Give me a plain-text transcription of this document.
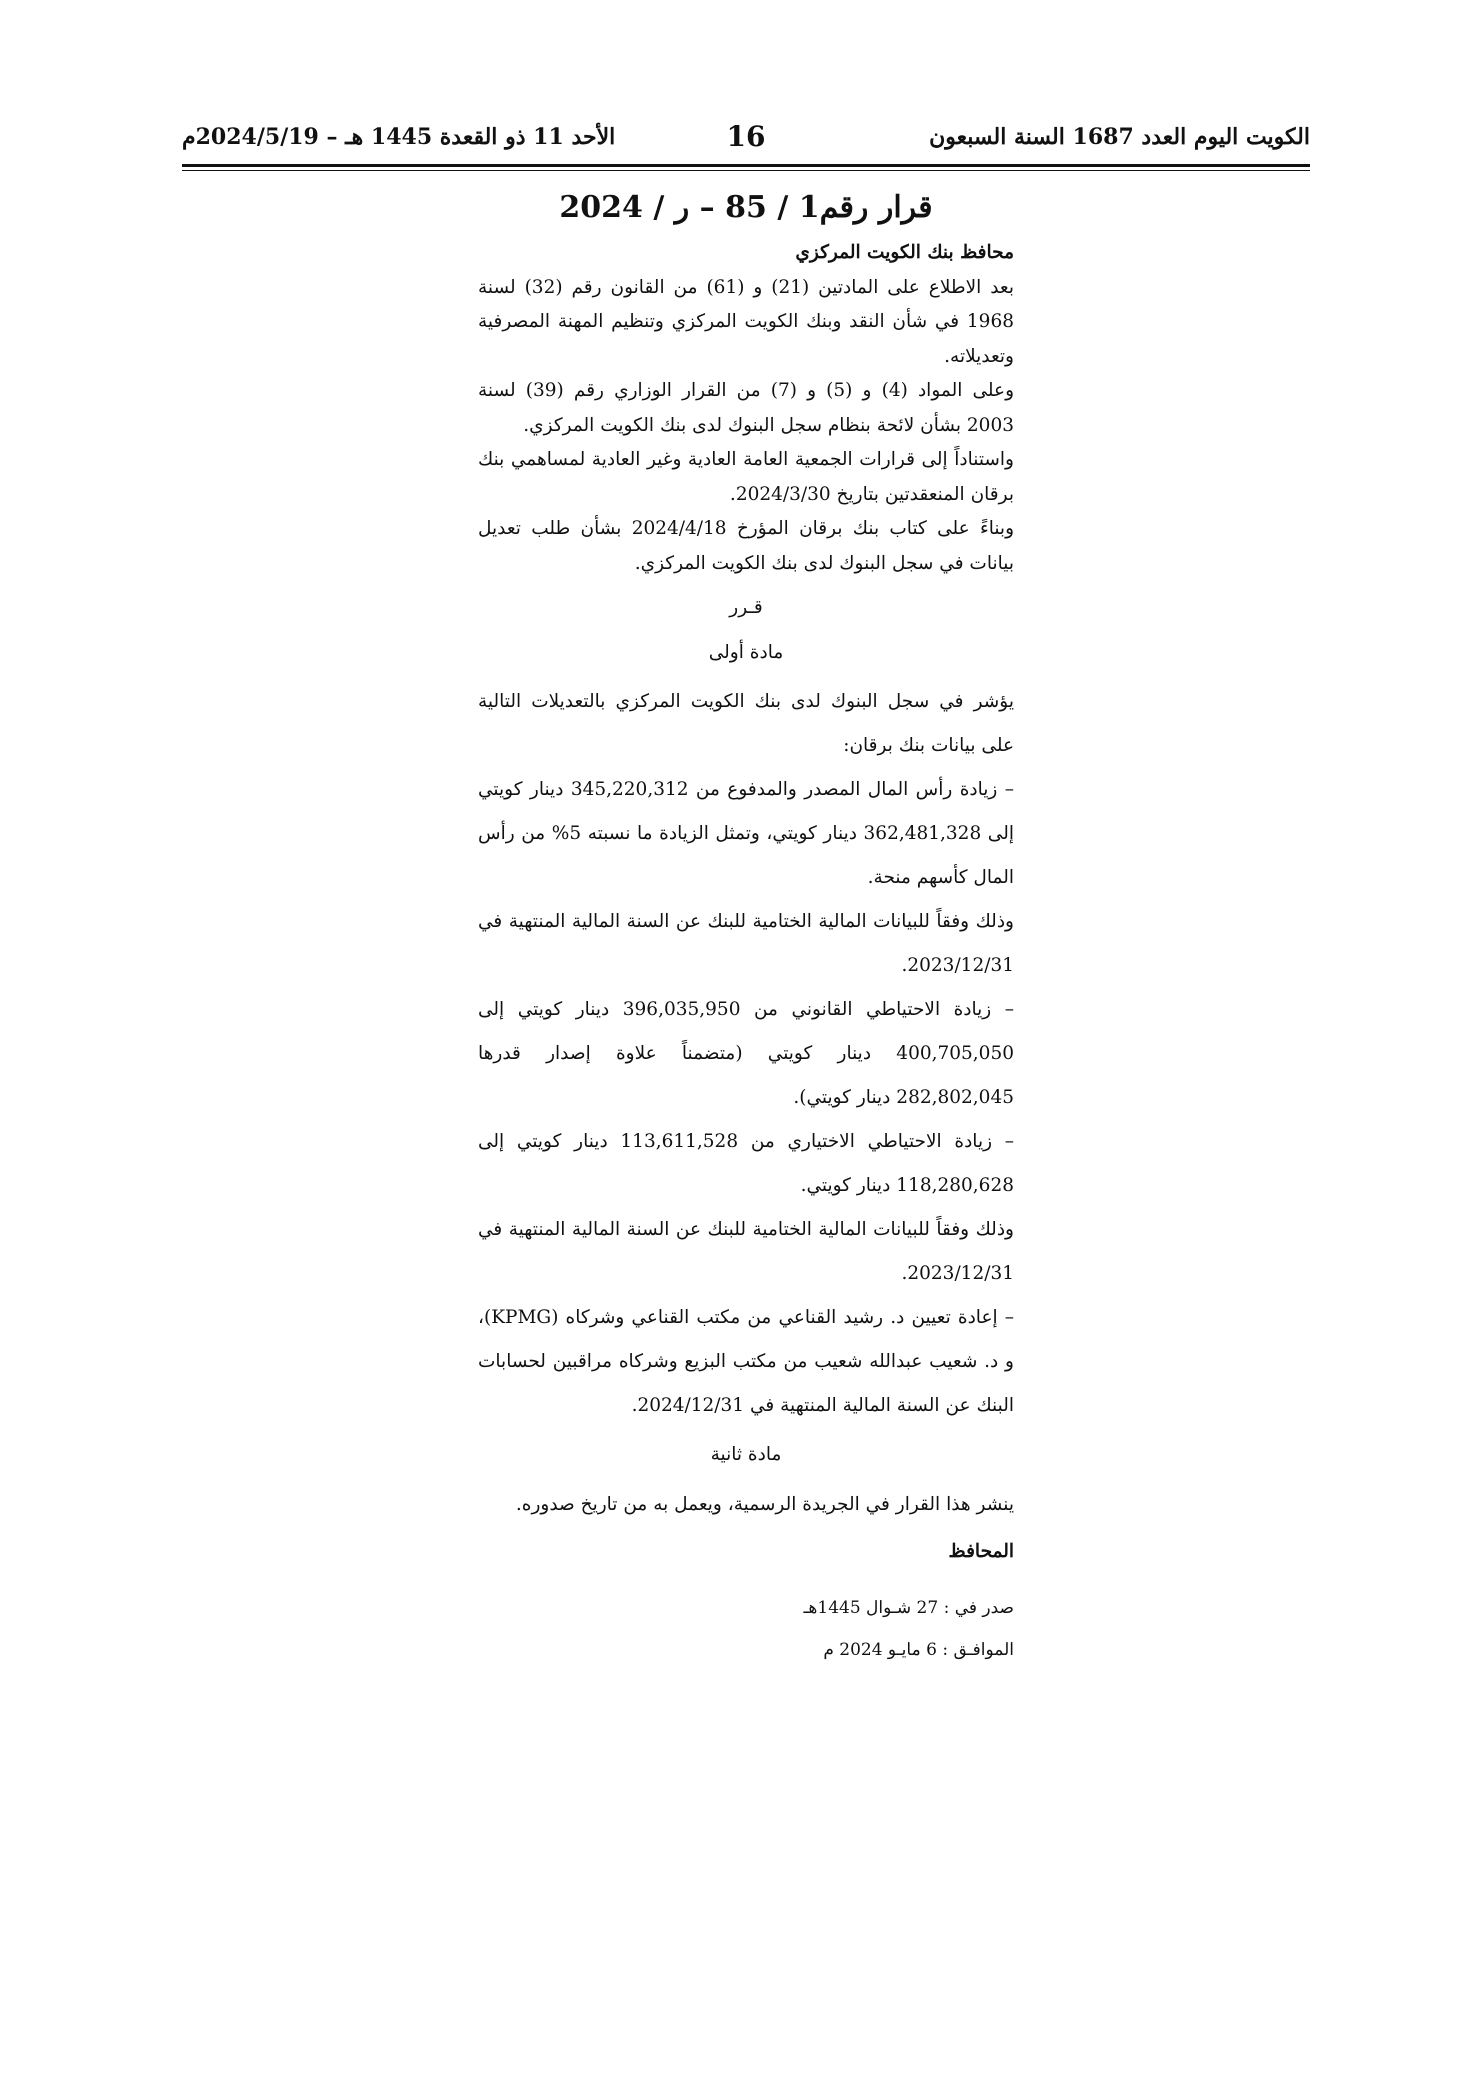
الكويت اليوم العدد 1687 السنة السبعون
16
الأحد 11 ذو القعدة 1445 هـ – 2024/5/19م

قرار رقم1 / 85 – ر / 2024

محافظ بنك الكويت المركزي

بعد الاطلاع على المادتين (21) و (61) من القانون رقم (32) لسنة 1968 في شأن النقد وبنك الكويت المركزي وتنظيم المهنة المصرفية وتعديلاته.

وعلى المواد (4) و (5) و (7) من القرار الوزاري رقم (39) لسنة 2003 بشأن لائحة بنظام سجل البنوك لدى بنك الكويت المركزي.

واستناداً إلى قرارات الجمعية العامة العادية وغير العادية لمساهمي بنك برقان المنعقدتين بتاريخ 2024/3/30.

وبناءً على كتاب بنك برقان المؤرخ 2024/4/18 بشأن طلب تعديل بيانات في سجل البنوك لدى بنك الكويت المركزي.

قـرر

مادة أولى

يؤشر في سجل البنوك لدى بنك الكويت المركزي بالتعديلات التالية على بيانات بنك برقان:

– زيادة رأس المال المصدر والمدفوع من 345,220,312 دينار كويتي إلى 362,481,328 دينار كويتي، وتمثل الزيادة ما نسبته 5% من رأس المال كأسهم منحة.

وذلك وفقاً للبيانات المالية الختامية للبنك عن السنة المالية المنتهية في 2023/12/31.

– زيادة الاحتياطي القانوني من 396,035,950 دينار كويتي إلى 400,705,050 دينار كويتي (متضمناً علاوة إصدار قدرها 282,802,045 دينار كويتي).

– زيادة الاحتياطي الاختياري من 113,611,528 دينار كويتي إلى 118,280,628 دينار كويتي.

وذلك وفقاً للبيانات المالية الختامية للبنك عن السنة المالية المنتهية في 2023/12/31.

– إعادة تعيين د. رشيد القناعي من مكتب القناعي وشركاه (KPMG)، و د. شعيب عبدالله شعيب من مكتب البزيع وشركاه مراقبين لحسابات البنك عن السنة المالية المنتهية في 2024/12/31.

مادة ثانية

ينشر هذا القرار في الجريدة الرسمية، ويعمل به من تاريخ صدوره.

المحافظ

صدر في : 27 شـوال 1445هـ

الموافـق : 6 مايـو 2024 م
